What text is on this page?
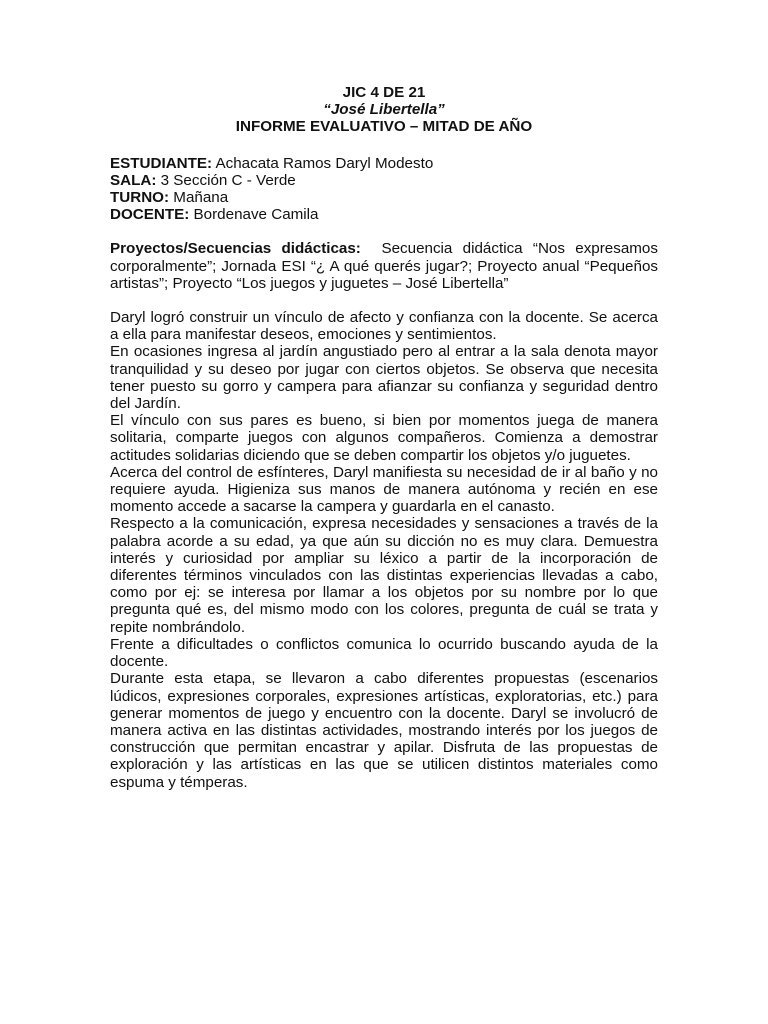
JIC 4 DE 21
“José Libertella”
INFORME EVALUATIVO – MITAD DE AÑO
ESTUDIANTE: Achacata Ramos Daryl Modesto
SALA: 3 Sección C - Verde
TURNO: Mañana
DOCENTE: Bordenave Camila
Proyectos/Secuencias didácticas: Secuencia didáctica “Nos expresamos corporalmente”; Jornada ESI “¿ A qué querés jugar?; Proyecto anual “Pequeños artistas”; Proyecto “Los juegos y juguetes – José Libertella”

Daryl logró construir un vínculo de afecto y confianza con la docente. Se acerca a ella para manifestar deseos, emociones y sentimientos.

En ocasiones ingresa al jardín angustiado pero al entrar a la sala denota mayor tranquilidad y su deseo por jugar con ciertos objetos. Se observa que necesita tener puesto su gorro y campera para afianzar su confianza y seguridad dentro del Jardín.

El vínculo con sus pares es bueno, si bien por momentos juega de manera solitaria, comparte juegos con algunos compañeros. Comienza a demostrar actitudes solidarias diciendo que se deben compartir los objetos y/o juguetes.

Acerca del control de esfínteres, Daryl manifiesta su necesidad de ir al baño y no requiere ayuda. Higieniza sus manos de manera autónoma y recién en ese momento accede a sacarse la campera y guardarla en el canasto.

Respecto a la comunicación, expresa necesidades y sensaciones a través de la palabra acorde a su edad, ya que aún su dicción no es muy clara. Demuestra interés y curiosidad por ampliar su léxico a partir de la incorporación de diferentes términos vinculados con las distintas experiencias llevadas a cabo, como por ej: se interesa por llamar a los objetos por su nombre por lo que pregunta qué es, del mismo modo con los colores, pregunta de cuál se trata y repite nombrándolo.

Frente a dificultades o conflictos comunica lo ocurrido buscando ayuda de la docente.

Durante esta etapa, se llevaron a cabo diferentes propuestas (escenarios lúdicos, expresiones corporales, expresiones artísticas, exploratorias, etc.) para generar momentos de juego y encuentro con la docente. Daryl se involucró de manera activa en las distintas actividades, mostrando interés por los juegos de construcción que permitan encastrar y apilar. Disfruta de las propuestas de exploración y las artísticas en las que se utilicen distintos materiales como espuma y témperas.
